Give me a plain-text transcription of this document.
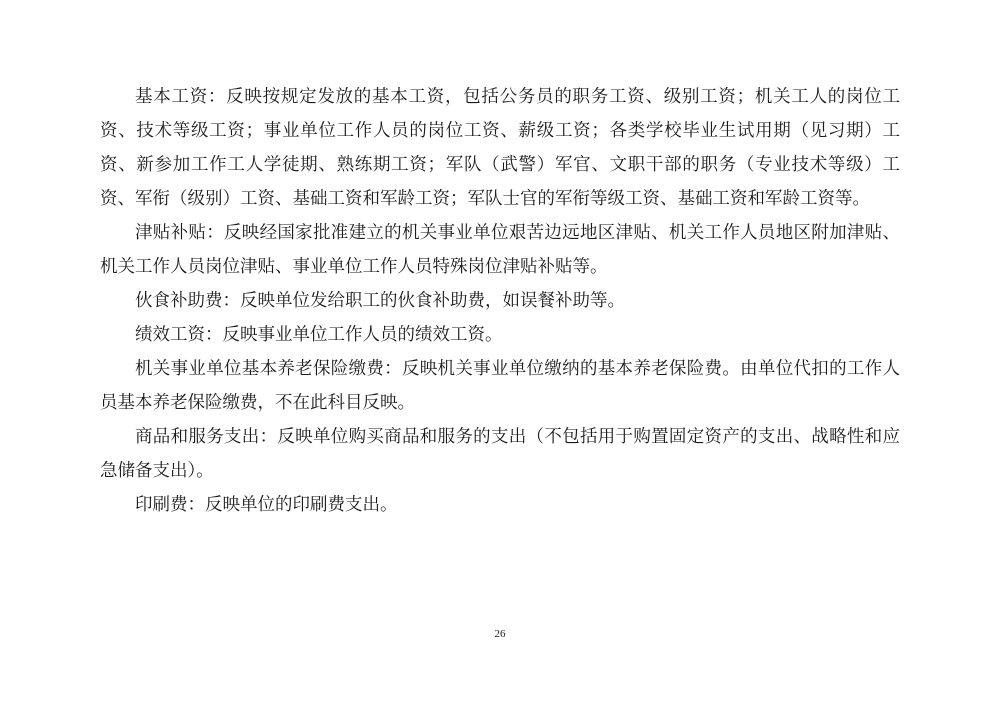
基本工资：反映按规定发放的基本工资，包括公务员的职务工资、级别工资；机关工人的岗位工资、技术等级工资；事业单位工作人员的岗位工资、薪级工资；各类学校毕业生试用期（见习期）工资、新参加工作工人学徒期、熟练期工资；军队（武警）军官、文职干部的职务（专业技术等级）工资、军衔（级别）工资、基础工资和军龄工资；军队士官的军衔等级工资、基础工资和军龄工资等。

津贴补贴：反映经国家批准建立的机关事业单位艰苦边远地区津贴、机关工作人员地区附加津贴、机关工作人员岗位津贴、事业单位工作人员特殊岗位津贴补贴等。

伙食补助费：反映单位发给职工的伙食补助费，如误餐补助等。

绩效工资：反映事业单位工作人员的绩效工资。

机关事业单位基本养老保险缴费：反映机关事业单位缴纳的基本养老保险费。由单位代扣的工作人员基本养老保险缴费，不在此科目反映。

商品和服务支出：反映单位购买商品和服务的支出（不包括用于购置固定资产的支出、战略性和应急储备支出）。

印刷费：反映单位的印刷费支出。

26
